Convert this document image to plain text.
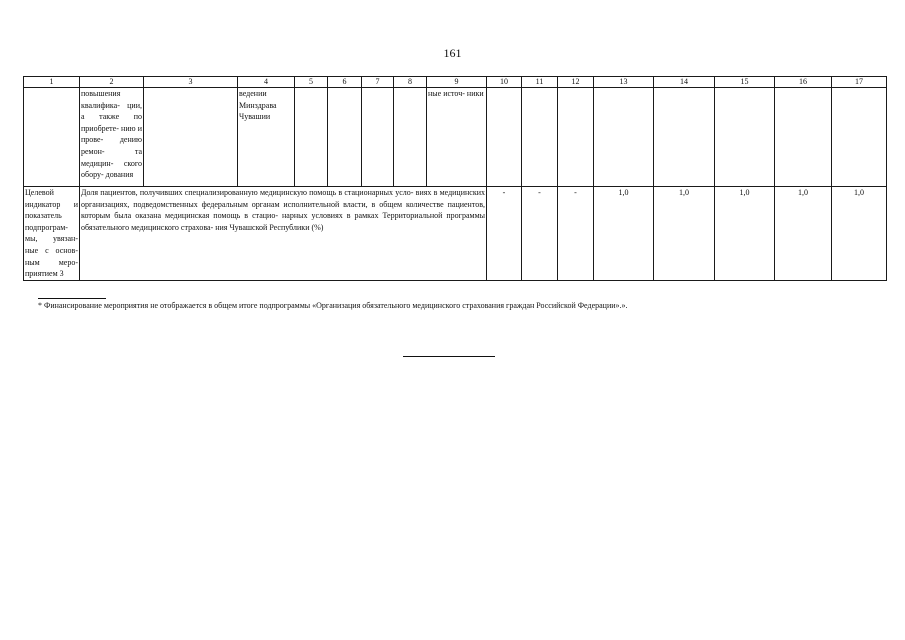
161
1	2	3	4	5	6	7	8	9	10	11	12	13	14	15	16	17
	повышения квалифика- ции, а также по приобрете- нию и прове- дению ремон- та медицин- ского обору- дования		ведении Минздрава Чувашии					ные источ- ники								
Целевой индикатор и показатель подпрограм- мы, увязан- ные с основ- ным меро- приятием 3	Доля пациентов, получивших специализированную медицинскую помощь в стационарных усло- виях в медицинских организациях, подведомственных федеральным органам исполнительной власти, в общем количестве пациентов, которым была оказана медицинская помощь в стацио- нарных условиях в рамках Территориальной программы обязательного медицинского страхова- ния Чувашской Республики (%)								-	-	-	1,0	1,0	1,0	1,0	1,0
* Финансирование мероприятия не отображается в общем итоге подпрограммы «Организация обязательного медицинского страхования граждан Российской Федерации».».
